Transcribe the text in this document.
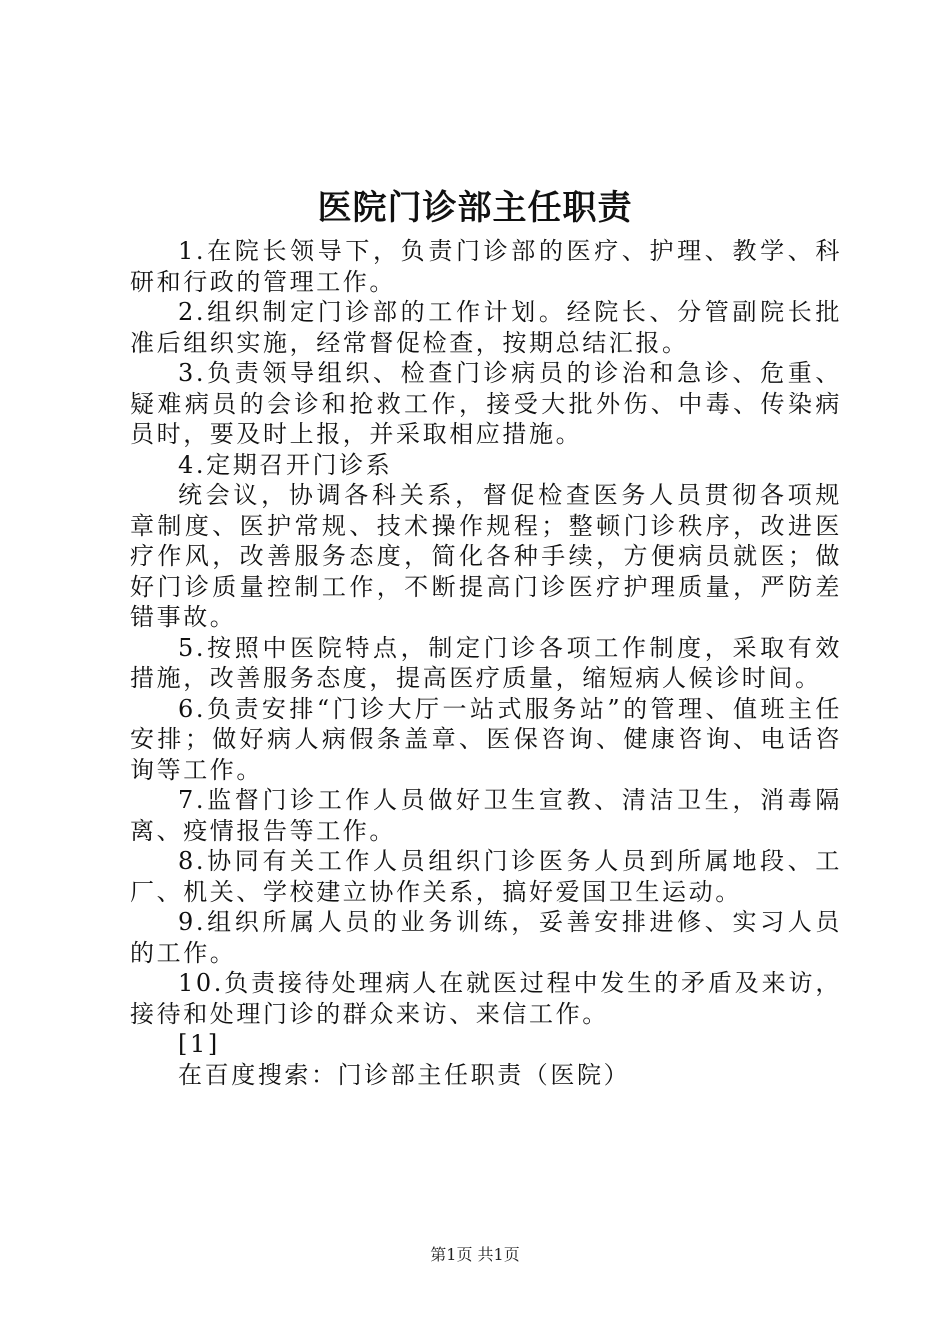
医院门诊部主任职责

1.在院长领导下，负责门诊部的医疗、护理、教学、科研和行政的管理工作。

2.组织制定门诊部的工作计划。经院长、分管副院长批准后组织实施，经常督促检查，按期总结汇报。

3.负责领导组织、检查门诊病员的诊治和急诊、危重、疑难病员的会诊和抢救工作，接受大批外伤、中毒、传染病员时，要及时上报，并采取相应措施。

4.定期召开门诊系

统会议，协调各科关系，督促检查医务人员贯彻各项规章制度、医护常规、技术操作规程；整顿门诊秩序，改进医疗作风，改善服务态度，简化各种手续，方便病员就医；做好门诊质量控制工作，不断提高门诊医疗护理质量，严防差错事故。

5.按照中医院特点，制定门诊各项工作制度，采取有效措施，改善服务态度，提高医疗质量，缩短病人候诊时间。

6.负责安排“门诊大厅一站式服务站”的管理、值班主任安排；做好病人病假条盖章、医保咨询、健康咨询、电话咨询等工作。

7.监督门诊工作人员做好卫生宣教、清洁卫生，消毒隔离、疫情报告等工作。

8.协同有关工作人员组织门诊医务人员到所属地段、工厂、机关、学校建立协作关系，搞好爱国卫生运动。

9.组织所属人员的业务训练，妥善安排进修、实习人员的工作。

10.负责接待处理病人在就医过程中发生的矛盾及来访，接待和处理门诊的群众来访、来信工作。

[1]

在百度搜索：门诊部主任职责（医院）

第1页 共1页
